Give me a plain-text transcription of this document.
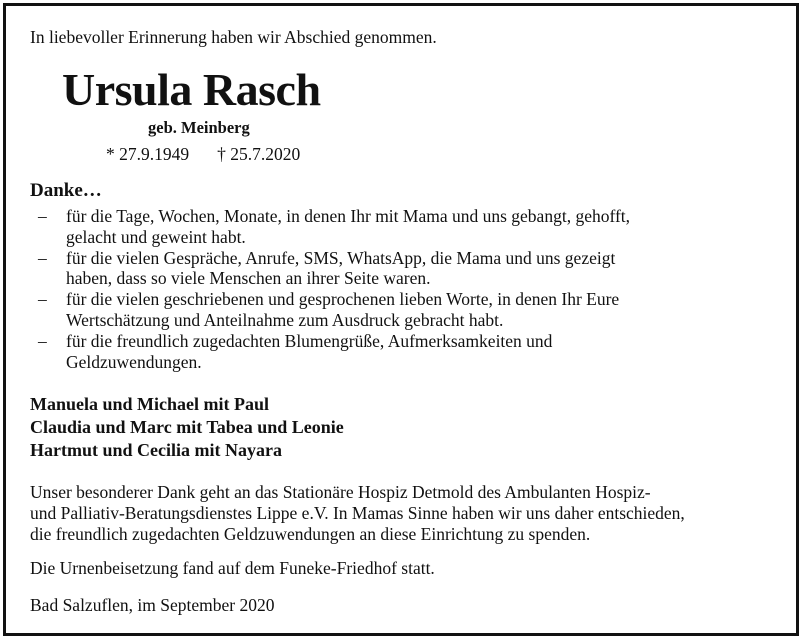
In liebevoller Erinnerung haben wir Abschied genommen.
Ursula Rasch
geb. Meinberg
* 27.9.1949 † 25.7.2020
Danke…
– für die Tage, Wochen, Monate, in denen Ihr mit Mama und uns gebangt, gehofft,
gelacht und geweint habt.
– für die vielen Gespräche, Anrufe, SMS, WhatsApp, die Mama und uns gezeigt
haben, dass so viele Menschen an ihrer Seite waren.
– für die vielen geschriebenen und gesprochenen lieben Worte, in denen Ihr Eure
Wertschätzung und Anteilnahme zum Ausdruck gebracht habt.
– für die freundlich zugedachten Blumengrüße, Aufmerksamkeiten und
Geldzuwendungen.
Manuela und Michael mit Paul
Claudia und Marc mit Tabea und Leonie
Hartmut und Cecilia mit Nayara
Unser besonderer Dank geht an das Stationäre Hospiz Detmold des Ambulanten Hospiz-
und Palliativ-Beratungsdienstes Lippe e.V. In Mamas Sinne haben wir uns daher entschieden,
die freundlich zugedachten Geldzuwendungen an diese Einrichtung zu spenden.
Die Urnenbeisetzung fand auf dem Funeke-Friedhof statt.
Bad Salzuflen, im September 2020
